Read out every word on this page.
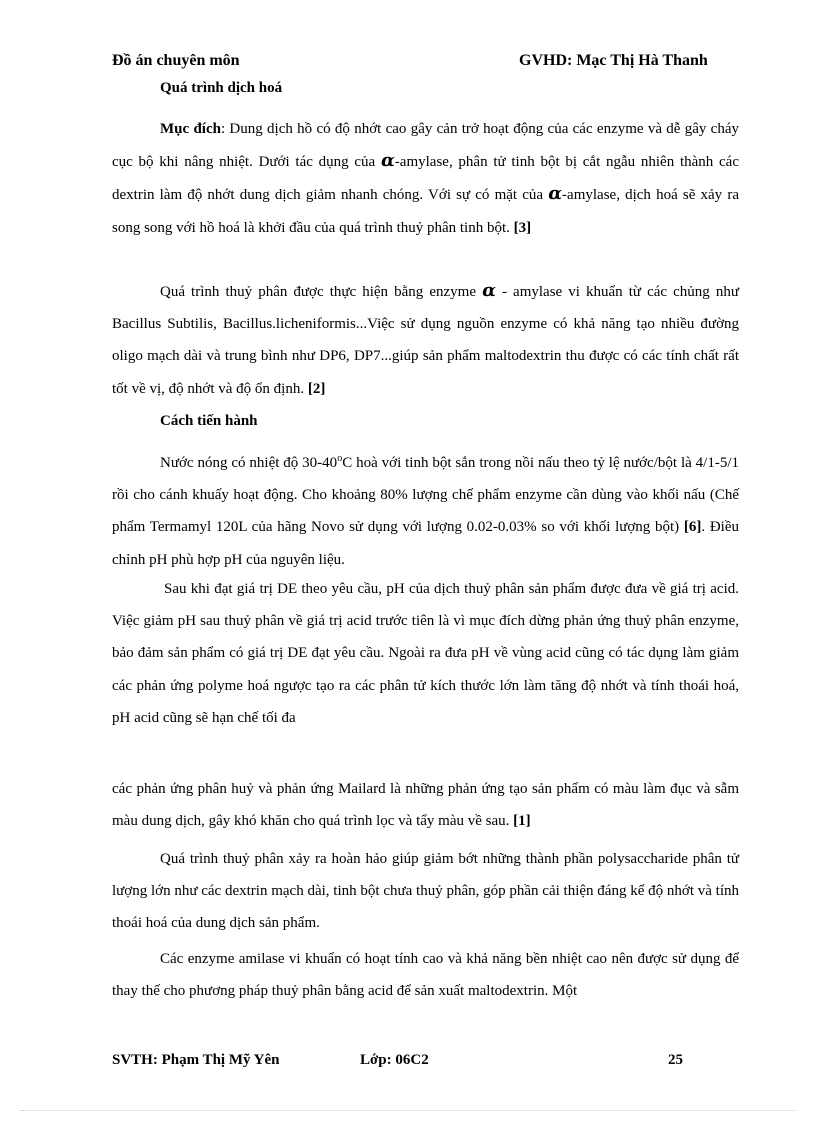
Đồ án chuyên môn	GVHD: Mạc Thị Hà Thanh
Quá trình dịch hoá
Mục đích: Dung dịch hồ có độ nhớt cao gây cản trở hoạt động của các enzyme và dễ gây cháy cục bộ khi nâng nhiệt. Dưới tác dụng của α-amylase, phân tử tinh bột bị cắt ngẫu nhiên thành các dextrin làm độ nhớt dung dịch giảm nhanh chóng. Với sự có mặt của α-amylase, dịch hoá sẽ xảy ra song song với hồ hoá là khởi đầu của quá trình thuỷ phân tinh bột. [3]
Quá trình thuỷ phân được thực hiện bằng enzyme α - amylase vi khuẩn từ các chủng như Bacillus Subtilis, Bacillus.licheniformis...Việc sử dụng nguồn enzyme có khả năng tạo nhiều đường oligo mạch dài và trung bình như DP6, DP7...giúp sản phẩm maltodextrin thu được có các tính chất rất tốt về vị, độ nhớt và độ ổn định. [2]
Cách tiến hành
Nước nóng có nhiệt độ 30-40$^o$C hoà với tinh bột sắn trong nồi nấu theo tỷ lệ nước/bột là 4/1-5/1 rồi cho cánh khuấy hoạt động. Cho khoảng 80% lượng chế phẩm enzyme cần dùng vào khối nấu (Chế phẩm Termamyl 120L của hãng Novo sử dụng với lượng 0.02-0.03% so với khối lượng bột) [6]. Điều chỉnh pH phù hợp pH của nguyên liệu.
Sau khi đạt giá trị DE theo yêu cầu, pH của dịch thuỷ phân sản phẩm được đưa về giá trị acid. Việc giảm pH sau thuỷ phân về giá trị acid trước tiên là vì mục đích dừng phản ứng thuỷ phân enzyme, bảo đảm sản phẩm có giá trị DE đạt yêu cầu. Ngoài ra đưa pH về vùng acid cũng có tác dụng làm giảm các phản ứng polyme hoá ngược tạo ra các phân tử kích thước lớn làm tăng độ nhớt và tính thoái hoá, pH acid cũng sẽ hạn chế tối đa
các phản ứng phân huỷ và phản ứng Mailard là những phản ứng tạo sản phẩm có màu làm đục và sẫm màu dung dịch, gây khó khăn cho quá trình lọc và tẩy màu về sau. [1]
Quá trình thuỷ phân xảy ra hoàn hảo giúp giảm bớt những thành phần polysaccharide phân tử lượng lớn như các dextrin mạch dài, tinh bột chưa thuỷ phân, góp phần cải thiện đáng kể độ nhớt và tính thoái hoá của dung dịch sản phẩm.
Các enzyme amilase vi khuẩn có hoạt tính cao và khả năng bền nhiệt cao nên được sử dụng để thay thế cho phương pháp thuỷ phân bằng acid để sản xuất maltodextrin. Một
SVTH: Phạm Thị Mỹ Yên	Lớp: 06C2	25
